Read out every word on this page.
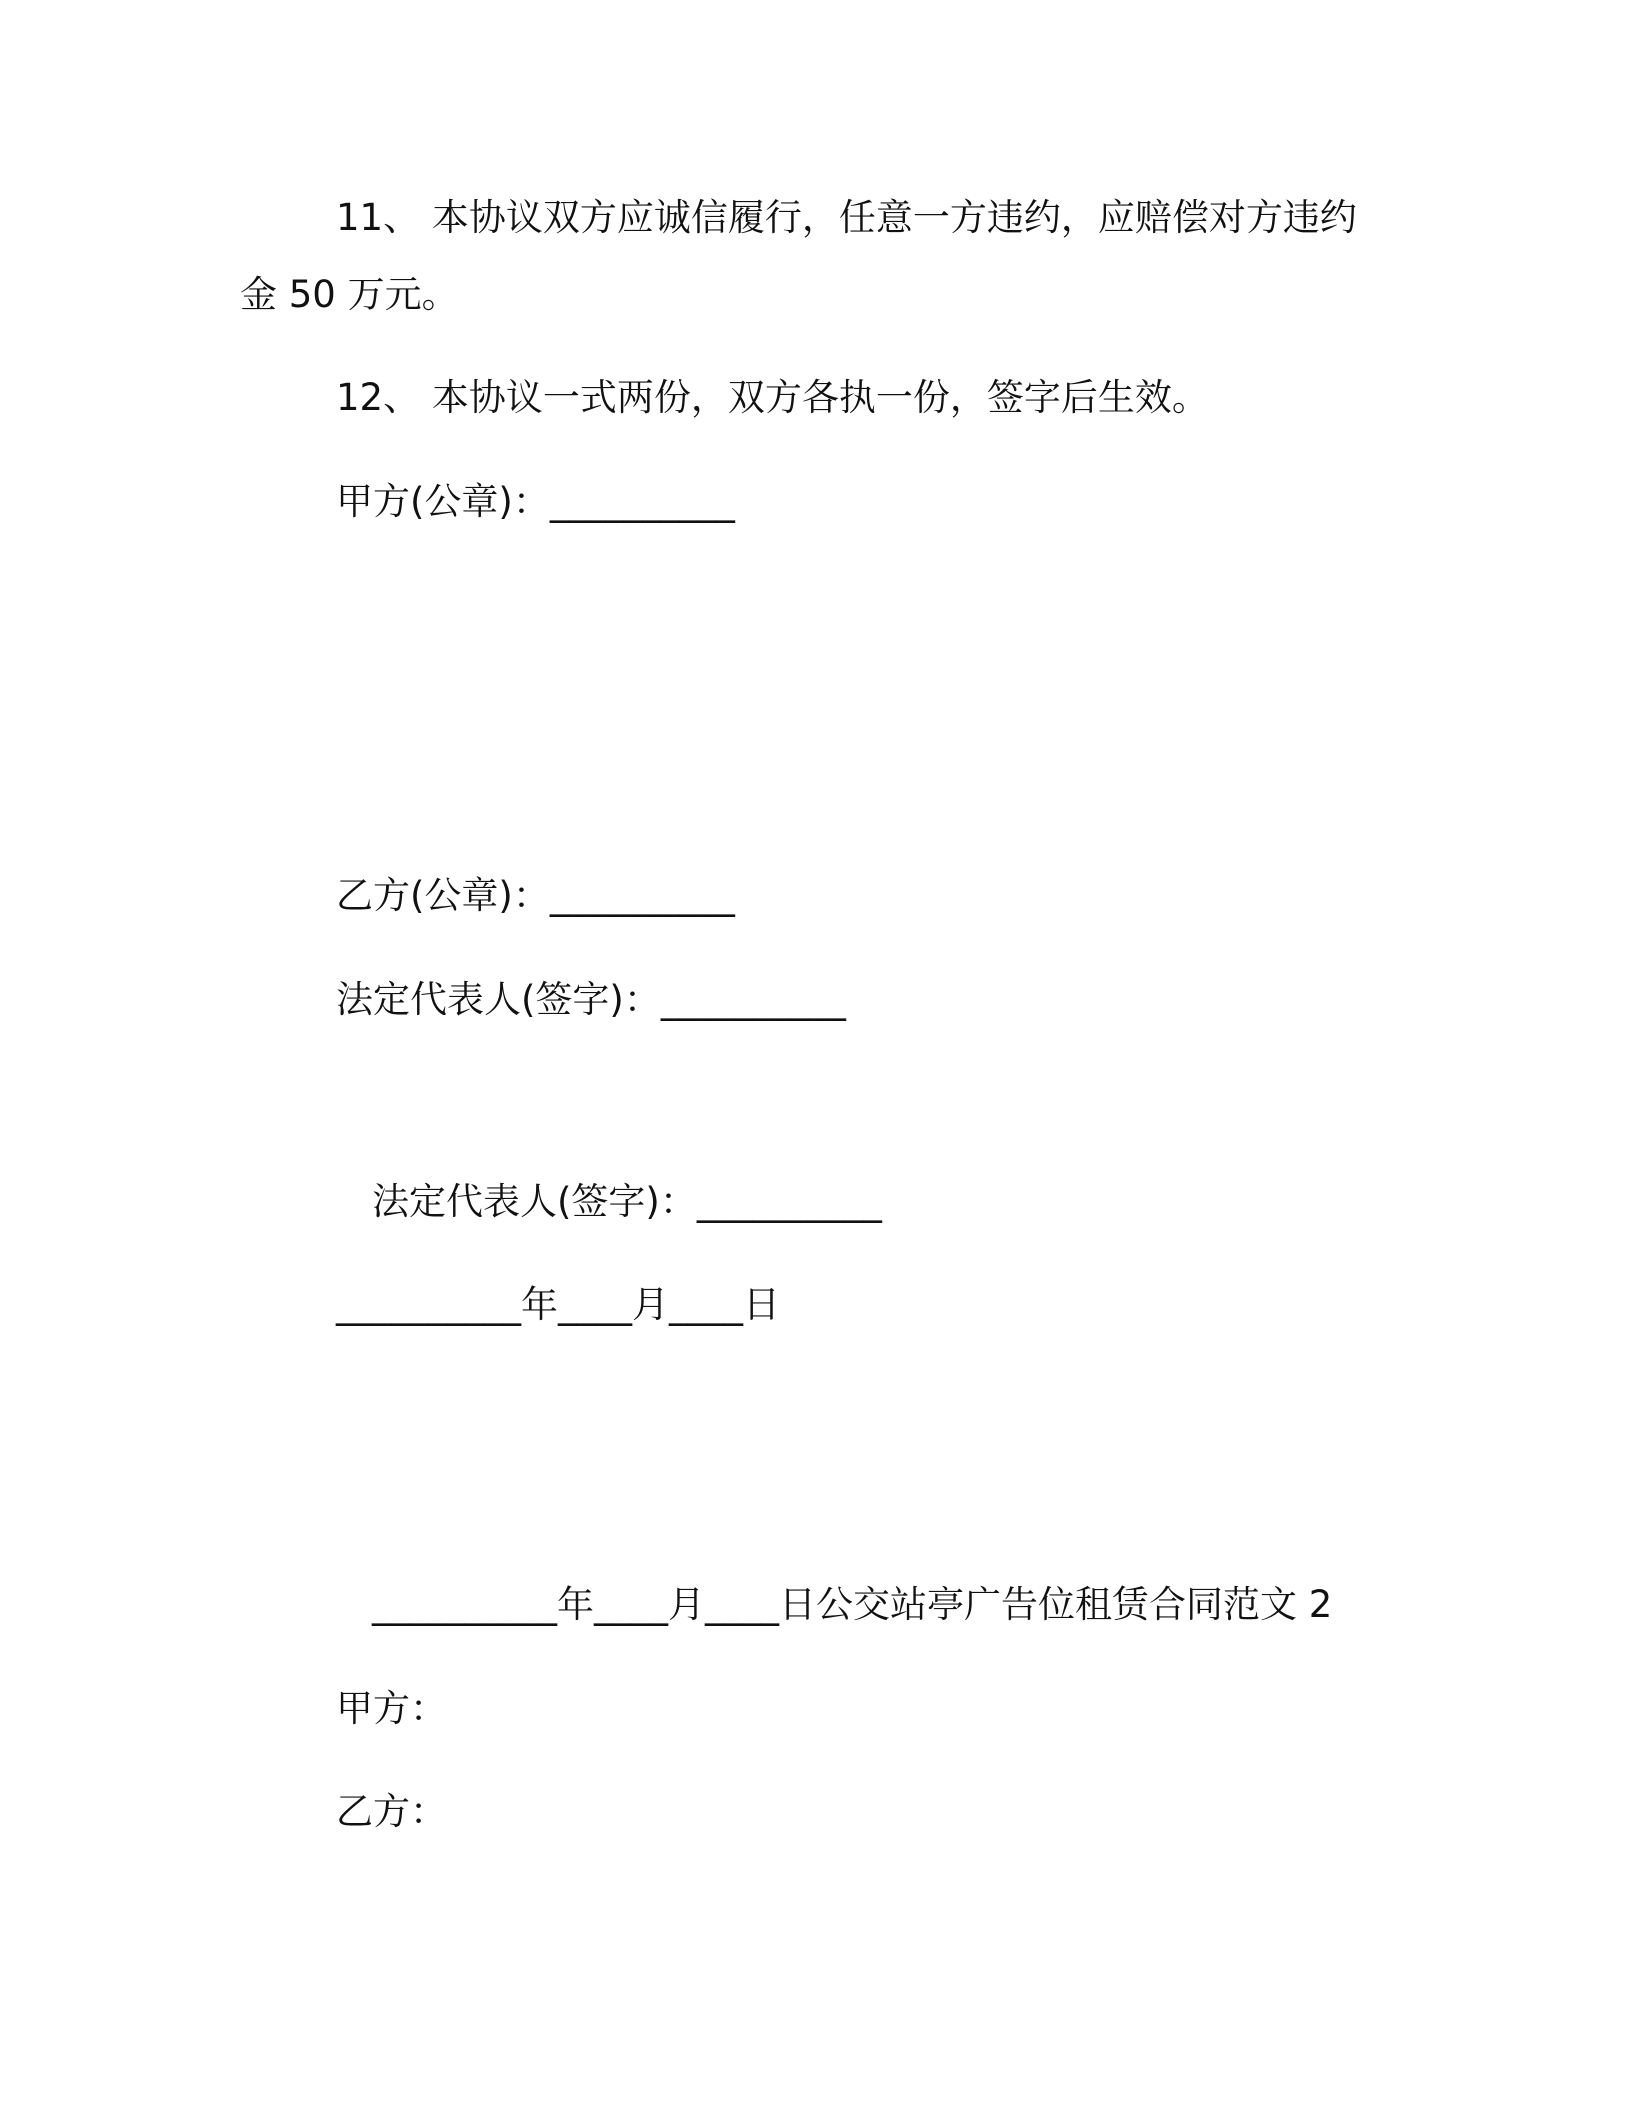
11、 本协议双方应诚信履行，任意一方违约，应赔偿对方违约
金 50 万元。
12、 本协议一式两份，双方各执一份，签字后生效。
甲方(公章)：__________
乙方(公章)：__________
法定代表人(签字)：__________
法定代表人(签字)：__________
__________年____月____日
__________年____月____日公交站亭广告位租赁合同范文 2
甲方：
乙方：
